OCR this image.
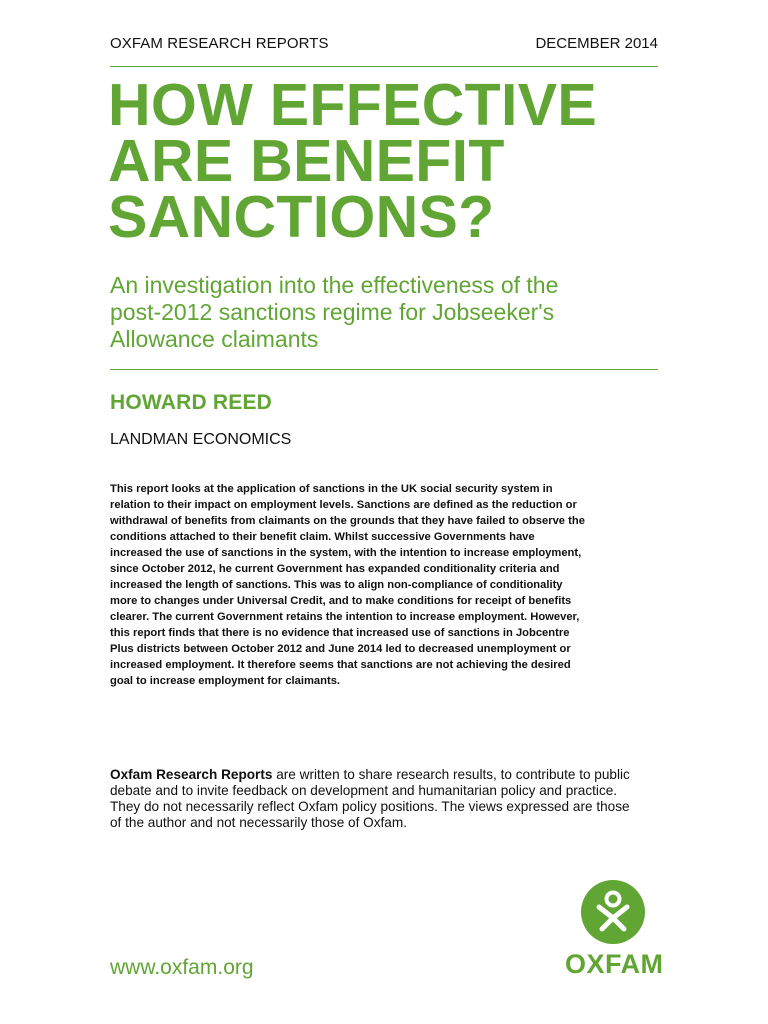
OXFAM RESEARCH REPORTS	DECEMBER 2014
HOW EFFECTIVE
ARE BENEFIT
SANCTIONS?
An investigation into the effectiveness of the
post-2012 sanctions regime for Jobseeker's
Allowance claimants
HOWARD REED
LANDMAN ECONOMICS
This report looks at the application of sanctions in the UK social security system in
relation to their impact on employment levels. Sanctions are defined as the reduction or
withdrawal of benefits from claimants on the grounds that they have failed to observe the
conditions attached to their benefit claim. Whilst successive Governments have
increased the use of sanctions in the system, with the intention to increase employment,
since October 2012, he current Government has expanded conditionality criteria and
increased the length of sanctions. This was to align non-compliance of conditionality
more to changes under Universal Credit, and to make conditions for receipt of benefits
clearer. The current Government retains the intention to increase employment. However,
this report finds that there is no evidence that increased use of sanctions in Jobcentre
Plus districts between October 2012 and June 2014 led to decreased unemployment or
increased employment. It therefore seems that sanctions are not achieving the desired
goal to increase employment for claimants.
Oxfam Research Reports are written to share research results, to contribute to public
debate and to invite feedback on development and humanitarian policy and practice.
They do not necessarily reflect Oxfam policy positions. The views expressed are those
of the author and not necessarily those of Oxfam.
www.oxfam.org	OXFAM
